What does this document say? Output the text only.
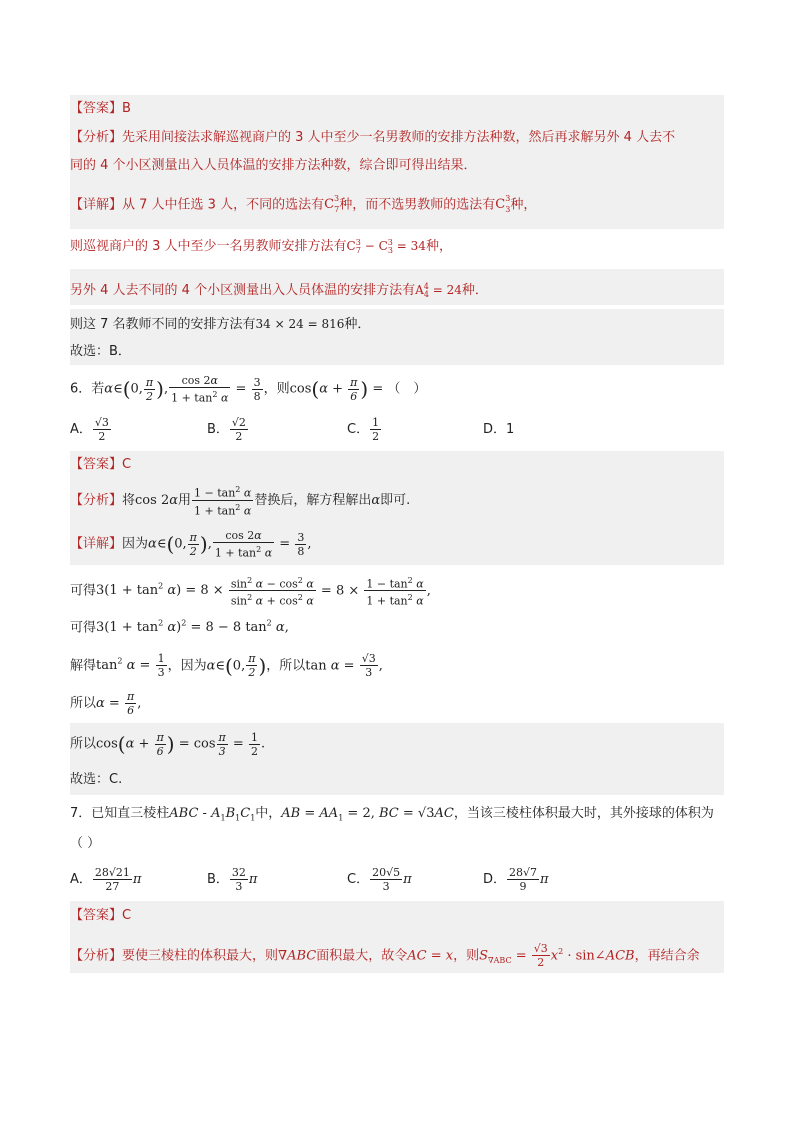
【答案】B
【分析】先采用间接法求解巡视商户的 3 人中至少一名男教师的安排方法种数，然后再求解另外 4 人去不
同的 4 个小区测量出入人员体温的安排方法种数，综合即可得出结果．
【详解】从 7 人中任选 3 人，不同的选法有$C^3_7$种，而不选男教师的选法有$C^3_3$种，
则巡视商户的 3 人中至少一名男教师安排方法有$C^3_7 - C^3_3 = 34$种，
另外 4 人去不同的 4 个小区测量出入人员体温的安排方法有$A^4_4 = 24$种．
则这 7 名教师不同的安排方法有34 × 24 = 816种．
故选：B．
6．若α∈(0, $\frac{\pi}{2}$ ), $\frac{\cos 2\alpha}{1 + \tan^2 \alpha} = \frac{3}{8}$ ，则$\cos(\alpha + \frac{\pi}{6}$ ) = （　）
A． $\frac{√3}{2}$	B． $\frac{√2}{2}$	C． $\frac{1}{2}$	D．1
【答案】C
【分析】将cos 2α用 $\frac{1 - \tan^2 \alpha}{1 + \tan^2 \alpha}$ 替换后，解方程解出α即可.
【详解】因为α∈(0, $\frac{\pi}{2}$ ), $\frac{\cos 2\alpha}{1 + \tan^2 \alpha} = \frac{3}{8}$ ,
可得$3(1 + \tan^2 \alpha) = 8 \times \frac{\sin^2 \alpha - \cos^2 \alpha}{\sin^2 \alpha + \cos^2 \alpha} = 8 \times \frac{1 - \tan^2 \alpha}{1 + \tan^2 \alpha}$ ,
可得$3(1 + \tan^2 \alpha)^2 = 8 - 8$ $\tan^2 \alpha$,
解得$\tan^2 \alpha = \frac{1}{3}$ ，因为α∈(0, $\frac{\pi}{2}$ )，所以$\tan \alpha = \frac{√3}{3}$ ,
所以$\alpha = \frac{\pi}{6}$ ,
所以$\cos(\alpha + \frac{\pi}{6}$ ) = $\cos \frac{\pi}{3} = \frac{1}{2}$ .
故选：C.
7．已知直三棱柱ABC - $A_1B_1C_1$中，AB = $AA_1 = 2$, BC = √3AC，当该三棱柱体积最大时，其外接球的体积为
（ ）
A． $\frac{28√21}{27}$ π	B． $\frac{32}{3}$ π	C． $\frac{20√5}{3}$ π	D． $\frac{28√7}{9}$ π
【答案】C
【分析】要使三棱柱的体积最大，则∇ABC面积最大，故令AC = x，则$S_{\nabla ABC} = \frac{√3}{2} x^2$ · sin∠ACB，再结合余
